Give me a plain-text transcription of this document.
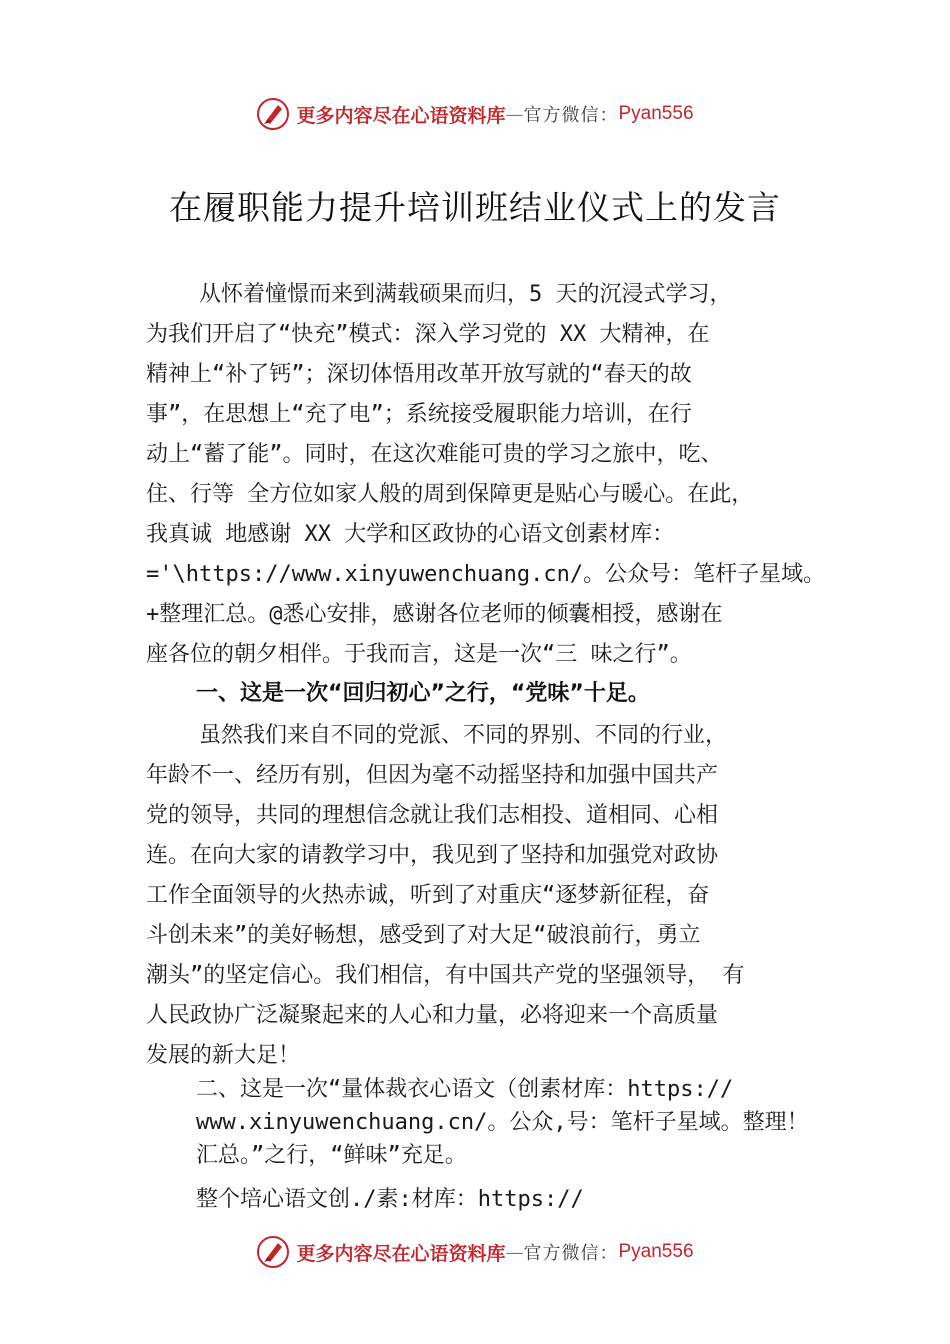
更多内容尽在心语资料库 — 官方微信： Pyan556
在履职能力提升培训班结业仪式上的发言
从怀着憧憬而来到满载硕果而归，5 天的沉浸式学习，
为我们开启了“快充”模式：深入学习党的 XX 大精神，在
精神上“补了钙”；深切体悟用改革开放写就的“春天的故
事”，在思想上“充了电”；系统接受履职能力培训，在行
动上“蓄了能”。同时，在这次难能可贵的学习之旅中，吃、
住、行等 全方位如家人般的周到保障更是贴心与暖心。在此，
我真诚 地感谢 XX 大学和区政协的心语文创素材库：
='\https://www.xinyuwenchuang.cn/。公众号：笔杆子星域。
+整理汇总。@悉心安排，感谢各位老师的倾囊相授，感谢在
座各位的朝夕相伴。于我而言，这是一次“三 味之行”。
一、这是一次“回归初心”之行，“党味”十足。
虽然我们来自不同的党派、不同的界别、不同的行业，
年龄不一、经历有别，但因为毫不动摇坚持和加强中国共产
党的领导，共同的理想信念就让我们志相投、道相同、心相
连。在向大家的请教学习中，我见到了坚持和加强党对政协
工作全面领导的火热赤诚，听到了对重庆“逐梦新征程，奋
斗创未来”的美好畅想，感受到了对大足“破浪前行，勇立
潮头”的坚定信心。我们相信，有中国共产党的坚强领导， 有
人民政协广泛凝聚起来的人心和力量，必将迎来一个高质量
发展的新大足！
二、这是一次“量体裁衣心语文（创素材库：https://
www.xinyuwenchuang.cn/。公众,号：笔杆子星域。整理！
汇总。”之行，“鲜味”充足。
整个培心语文创./素:材库：https://
更多内容尽在心语资料库 — 官方微信： Pyan556
